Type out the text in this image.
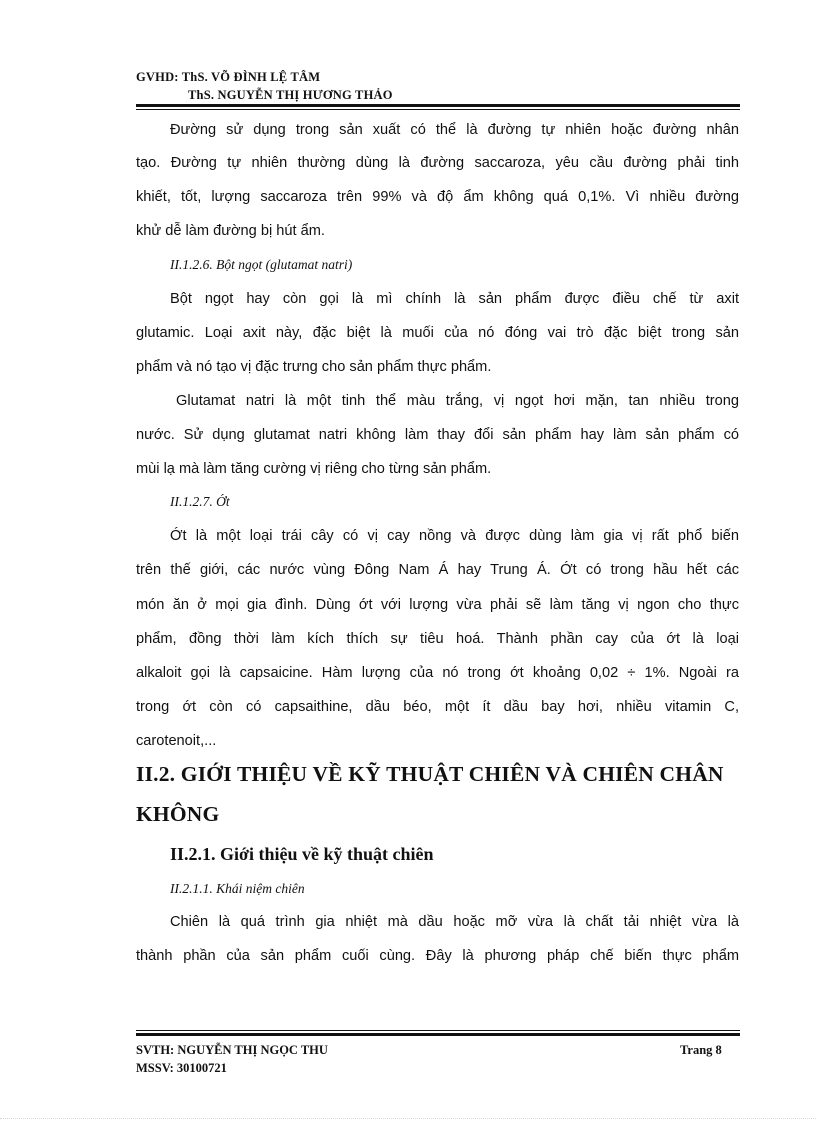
GVHD: ThS. VÕ ĐÌNH LỆ TÂM
ThS. NGUYỄN THỊ HƯƠNG THẢO
Đường sử dụng trong sản xuất có thể là đường tự nhiên hoặc đường nhân
tạo. Đường tự nhiên thường dùng là đường saccaroza, yêu cầu đường phải tinh
khiết, tốt, lượng saccaroza trên 99% và độ ẩm không quá 0,1%. Vì nhiều đường
khử dễ làm đường bị hút ẩm.
II.1.2.6. Bột ngọt (glutamat natri)
Bột ngọt hay còn gọi là mì chính là sản phẩm được điều chế từ axit
glutamic. Loại axit này, đặc biệt là muối của nó đóng vai trò đặc biệt trong sản
phẩm và nó tạo vị đặc trưng cho sản phẩm thực phẩm.
Glutamat natri là một tinh thể màu trắng, vị ngọt hơi mặn, tan nhiều trong
nước. Sử dụng glutamat natri không làm thay đổi sản phẩm hay làm sản phẩm có
mùi lạ mà làm tăng cường vị riêng cho từng sản phẩm.
II.1.2.7. Ớt
Ớt là một loại trái cây có vị cay nồng và được dùng làm gia vị rất phổ biến
trên thế giới, các nước vùng Đông Nam Á hay Trung Á. Ớt có trong hầu hết các
món ăn ở mọi gia đình. Dùng ớt với lượng vừa phải sẽ làm tăng vị ngon cho thực
phẩm, đồng thời làm kích thích sự tiêu hoá. Thành phần cay của ớt là loại
alkaloit gọi là capsaicine. Hàm lượng của nó trong ớt khoảng 0,02 ÷ 1%. Ngoài ra
trong ớt còn có capsaithine, dầu béo, một ít dầu bay hơi, nhiều vitamin C,
carotenoit,...
II.2. GIỚI THIỆU VỀ KỸ THUẬT CHIÊN VÀ CHIÊN CHÂN
KHÔNG
II.2.1. Giới thiệu về kỹ thuật chiên
II.2.1.1. Khái niệm chiên
Chiên là quá trình gia nhiệt mà dầu hoặc mỡ vừa là chất tải nhiệt vừa là
thành phần của sản phẩm cuối cùng. Đây là phương pháp chế biến thực phẩm
SVTH: NGUYỄN THỊ NGỌC THU	Trang 8
MSSV: 30100721
